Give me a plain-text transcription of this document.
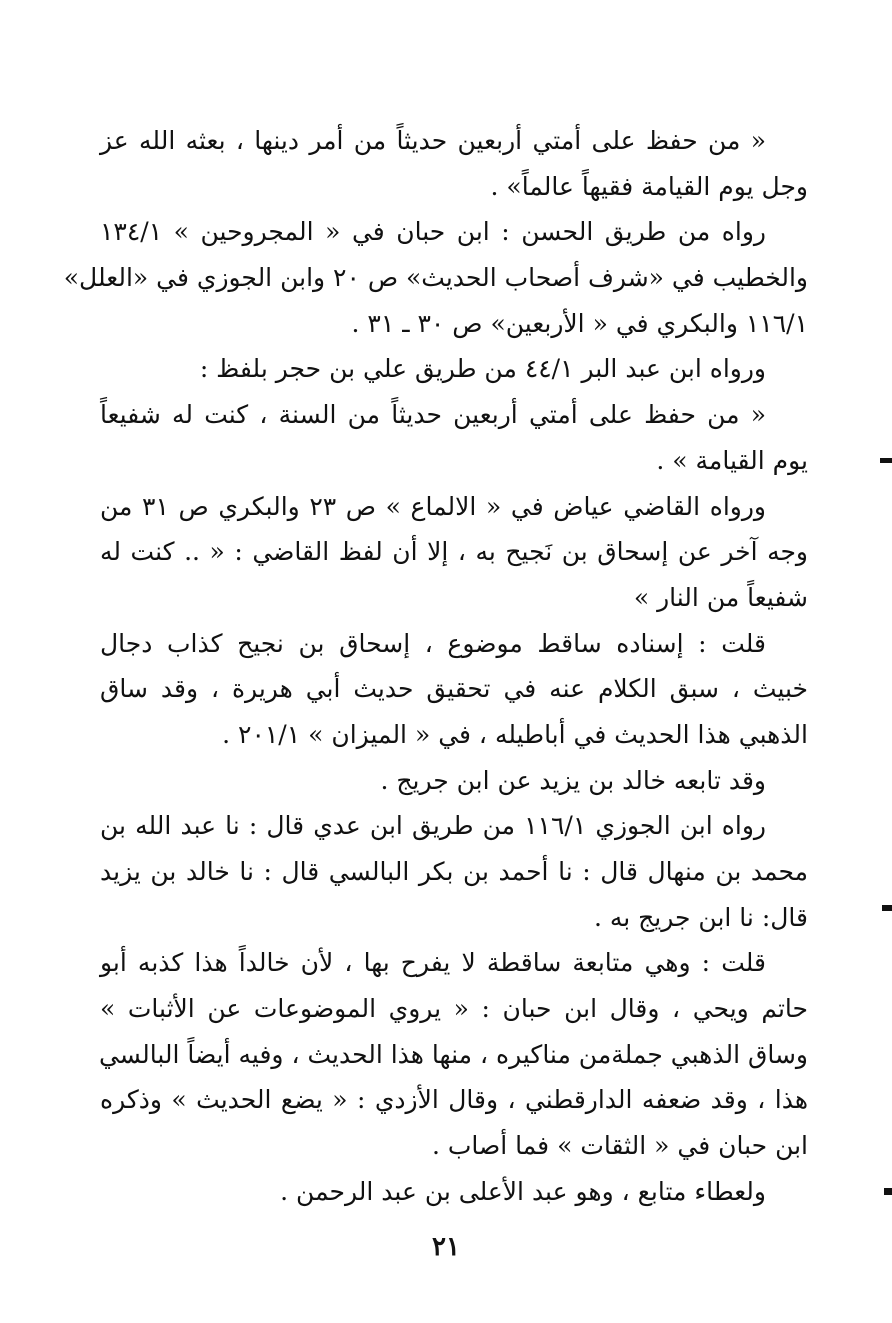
« من حفظ على أمتي أربعين حديثاً من أمر دينها ، بعثه الله عز
وجل يوم القيامة فقيهاً عالماً» .
رواه من طريق الحسن : ابن حبان في « المجروحين » ١٣٤/١
والخطيب في «شرف أصحاب الحديث» ص ٢٠ وابن الجوزي في «العلل»
١١٦/١ والبكري في « الأربعين» ص ٣٠ ـ ٣١ .
ورواه ابن عبد البر ٤٤/١ من طريق علي بن حجر بلفظ :
« من حفظ على أمتي أربعين حديثاً من السنة ، كنت له شفيعاً
يوم القيامة » .
ورواه القاضي عياض في « الالماع » ص ٢٣ والبكري ص ٣١ من
وجه آخر عن إسحاق بن نَجيح به ، إلا أن لفظ القاضي : « .. كنت له
شفيعاً من النار »
قلت : إسناده ساقط موضوع ، إسحاق بن نجيح كذاب دجال
خبيث ، سبق الكلام عنه في تحقيق حديث أبي هريرة ، وقد ساق
الذهبي هذا الحديث في أباطيله ، في « الميزان » ٢٠١/١ .
وقد تابعه خالد بن يزيد عن ابن جريج .
رواه ابن الجوزي ١١٦/١ من طريق ابن عدي قال : نا عبد الله بن
محمد بن منهال قال : نا أحمد بن بكر البالسي قال : نا خالد بن يزيد
قال: نا ابن جريج به .
قلت : وهي متابعة ساقطة لا يفرح بها ، لأن خالداً هذا كذبه أبو
حاتم ويحي ، وقال ابن حبان : « يروي الموضوعات عن الأثبات »
وساق الذهبي جملةمن مناكيره ، منها هذا الحديث ، وفيه أيضاً البالسي
هذا ، وقد ضعفه الدارقطني ، وقال الأزدي : « يضع الحديث » وذكره
ابن حبان في « الثقات » فما أصاب .
ولعطاء متابع ، وهو عبد الأعلى بن عبد الرحمن .
٢١
